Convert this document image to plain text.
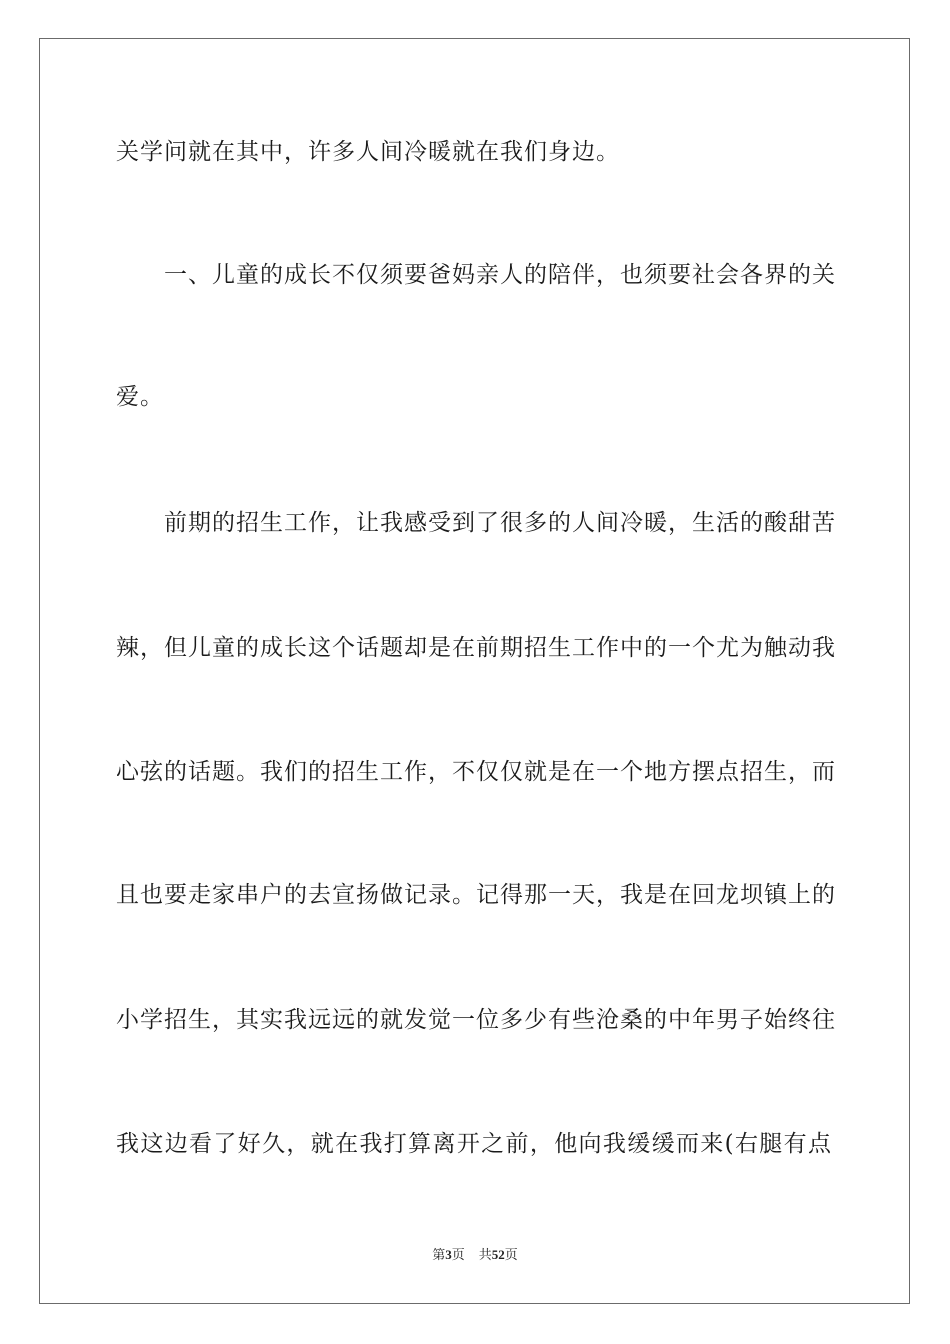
关学问就在其中，许多人间冷暖就在我们身边。
一、儿童的成长不仅须要爸妈亲人的陪伴，也须要社会各界的关
爱。
前期的招生工作，让我感受到了很多的人间冷暖，生活的酸甜苦
辣，但儿童的成长这个话题却是在前期招生工作中的一个尤为触动我
心弦的话题。我们的招生工作，不仅仅就是在一个地方摆点招生，而
且也要走家串户的去宣扬做记录。记得那一天，我是在回龙坝镇上的
小学招生，其实我远远的就发觉一位多少有些沧桑的中年男子始终往
我这边看了好久，就在我打算离开之前，他向我缓缓而来(右腿有点
第3页 共52页
